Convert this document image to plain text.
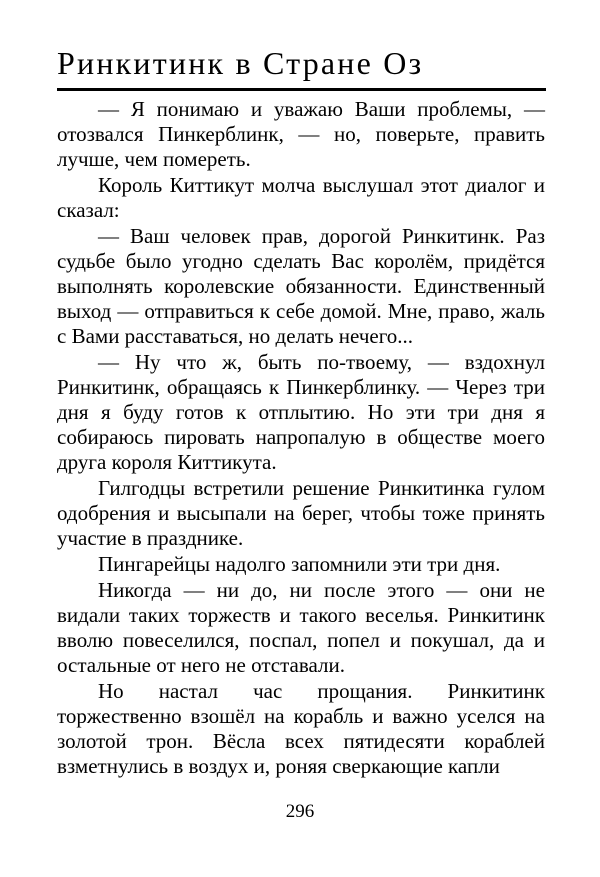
Ринкитинк в Стране Оз

— Я понимаю и уважаю Ваши проблемы, — отозвался Пинкерблинк, — но, поверьте, править лучше, чем помереть.

Король Киттикут молча выслушал этот диалог и сказал:

— Ваш человек прав, дорогой Ринкитинк. Раз судьбе было угодно сделать Вас королём, придётся выполнять королевские обязанности. Единственный выход — отправиться к себе домой. Мне, право, жаль с Вами расставаться, но делать нечего...

— Ну что ж, быть по-твоему, — вздохнул Ринкитинк, обращаясь к Пинкерблинку. — Через три дня я буду готов к отплытию. Но эти три дня я собираюсь пировать напропалую в обществе моего друга короля Киттикута.

Гилгодцы встретили решение Ринкитинка гулом одобрения и высыпали на берег, чтобы тоже принять участие в празднике.

Пингарейцы надолго запомнили эти три дня.

Никогда — ни до, ни после этого — они не видали таких торжеств и такого веселья. Ринкитинк вволю повеселился, поспал, попел и покушал, да и остальные от него не отставали.

Но настал час прощания. Ринкитинк торжественно взошёл на корабль и важно уселся на золотой трон. Вёсла всех пятидесяти кораблей взметнулись в воздух и, роняя сверкающие капли

296
